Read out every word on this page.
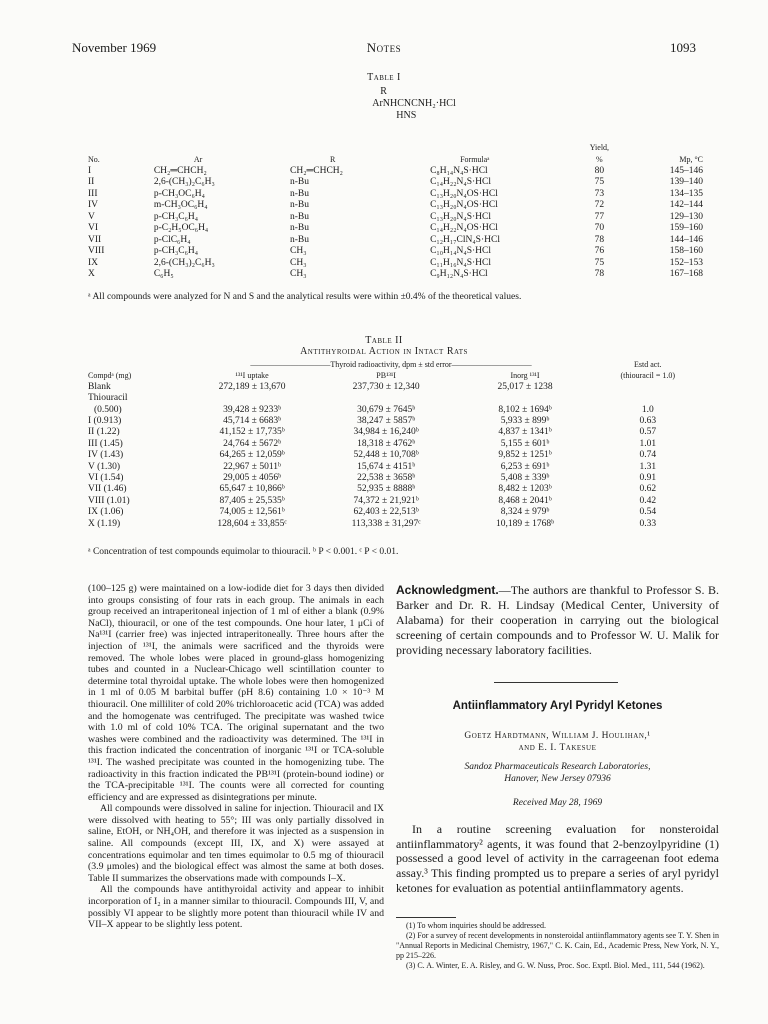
November 1969	Notes	1093
Table I
R
ArNHCNCNH₂·HCl
HNS
				Yield,	
No.	Ar	R	Formulaᵃ	%	Mp, °C
I	CH₂═CHCH₂	CH₂═CHCH₂	C₈H₁₄N₄S·HCl	80	145–146
II	2,6-(CH₃)₂C₆H₃	n-Bu	C₁₄H₂₂N₄S·HCl	75	139–140
III	p-CH₃OC₆H₄	n-Bu	C₁₃H₂₀N₄OS·HCl	73	134–135
IV	m-CH₃OC₆H₄	n-Bu	C₁₃H₂₀N₄OS·HCl	72	142–144
V	p-CH₃C₆H₄	n-Bu	C₁₃H₂₀N₄S·HCl	77	129–130
VI	p-C₂H₅OC₆H₄	n-Bu	C₁₄H₂₂N₄OS·HCl	70	159–160
VII	p-ClC₆H₄	n-Bu	C₁₂H₁₇ClN₄S·HCl	78	144–146
VIII	p-CH₃C₆H₄	CH₃	C₁₀H₁₄N₄S·HCl	76	158–160
IX	2,6-(CH₃)₂C₆H₃	CH₃	C₁₁H₁₆N₄S·HCl	75	152–153
X	C₆H₅	CH₃	C₉H₁₂N₄S·HCl	78	167–168
ᵃ All compounds were analyzed for N and S and the analytical results were within ±0.4% of the theoretical values.
Table II
Antithyroidal Action in Intact Rats
	——————————Thyroid radioactivity, dpm ± std error——————————			Estd act.
Compdᵃ (mg)	¹³¹I uptake	PB¹³¹I	Inorg ¹³¹I	(thiouracil = 1.0)
Blank	272,189 ± 13,670	237,730 ± 12,340	25,017 ± 1238	
Thiouracil				
(0.500)	39,428 ± 9233ᵇ	30,679 ± 7645ᵇ	8,102 ± 1694ᵇ	1.0
I (0.913)	45,714 ± 6683ᵇ	38,247 ± 5857ᵇ	5,933 ± 899ᵇ	0.63
II (1.22)	41,152 ± 17,735ᵇ	34,984 ± 16,240ᵇ	4,837 ± 1341ᵇ	0.57
III (1.45)	24,764 ± 5672ᵇ	18,318 ± 4762ᵇ	5,155 ± 601ᵇ	1.01
IV (1.43)	64,265 ± 12,059ᵇ	52,448 ± 10,708ᵇ	9,852 ± 1251ᵇ	0.74
V (1.30)	22,967 ± 5011ᵇ	15,674 ± 4151ᵇ	6,253 ± 691ᵇ	1.31
VI (1.54)	29,005 ± 4056ᵇ	22,538 ± 3658ᵇ	5,408 ± 339ᵇ	0.91
VII (1.46)	65,647 ± 10,866ᵇ	52,935 ± 8888ᵇ	8,482 ± 1203ᵇ	0.62
VIII (1.01)	87,405 ± 25,535ᵇ	74,372 ± 21,921ᵇ	8,468 ± 2041ᵇ	0.42
IX (1.06)	74,005 ± 12,561ᵇ	62,403 ± 22,513ᵇ	8,324 ± 979ᵇ	0.54
X (1.19)	128,604 ± 33,855ᶜ	113,338 ± 31,297ᶜ	10,189 ± 1768ᵇ	0.33
ᵃ Concentration of test compounds equimolar to thiouracil. ᵇ P < 0.001. ᶜ P < 0.01.

(100–125 g) were maintained on a low-iodide diet for 3 days then divided into groups consisting of four rats in each group. The animals in each group received an intraperitoneal injection of 1 ml of either a blank (0.9% NaCl), thiouracil, or one of the test compounds. One hour later, 1 μCi of Na¹³¹I (carrier free) was injected intraperitoneally. Three hours after the injection of ¹³¹I, the animals were sacrificed and the thyroids were removed. The whole lobes were placed in ground-glass homogenizing tubes and counted in a Nuclear-Chicago well scintillation counter to determine total thyroidal uptake. The whole lobes were then homogenized in 1 ml of 0.05 M barbital buffer (pH 8.6) containing 1.0 × 10⁻³ M thiouracil. One milliliter of cold 20% trichloroacetic acid (TCA) was added and the homogenate was centrifuged. The precipitate was washed twice with 1.0 ml of cold 10% TCA. The original supernatant and the two washes were combined and the radioactivity was determined. The ¹³¹I in this fraction indicated the concentration of inorganic ¹³¹I or TCA-soluble ¹³¹I. The washed precipitate was counted in the homogenizing tube. The radioactivity in this fraction indicated the PB¹³¹I (protein-bound iodine) or the TCA-precipitable ¹³¹I. The counts were all corrected for counting efficiency and are expressed as disintegrations per minute.

All compounds were dissolved in saline for injection. Thiouracil and IX were dissolved with heating to 55°; III was only partially dissolved in saline, EtOH, or NH₄OH, and therefore it was injected as a suspension in saline. All compounds (except III, IX, and X) were assayed at concentrations equimolar and ten times equimolar to 0.5 mg of thiouracil (3.9 μmoles) and the biological effect was almost the same at both doses. Table II summarizes the observations made with compounds I–X.

All the compounds have antithyroidal activity and appear to inhibit incorporation of I₂ in a manner similar to thiouracil. Compounds III, V, and possibly VI appear to be slightly more potent than thiouracil while IV and VII–X appear to be slightly less potent.

Acknowledgment.—The authors are thankful to Professor S. B. Barker and Dr. R. H. Lindsay (Medical Center, University of Alabama) for their cooperation in carrying out the biological screening of certain compounds and to Professor W. U. Malik for providing necessary laboratory facilities.
Antiinflammatory Aryl Pyridyl Ketones
Goetz Hardtmann, William J. Houlihan,¹
and E. I. Takesue
Sandoz Pharmaceuticals Research Laboratories,
Hanover, New Jersey 07936
Received May 28, 1969

In a routine screening evaluation for nonsteroidal antiinflammatory² agents, it was found that 2-benzoylpyridine (1) possessed a good level of activity in the carrageenan foot edema assay.³ This finding prompted us to prepare a series of aryl pyridyl ketones for evaluation as potential antiinflammatory agents.

(1) To whom inquiries should be addressed.

(2) For a survey of recent developments in nonsteroidal antiinflammatory agents see T. Y. Shen in "Annual Reports in Medicinal Chemistry, 1967," C. K. Cain, Ed., Academic Press, New York, N. Y., pp 215–226.

(3) C. A. Winter, E. A. Risley, and G. W. Nuss, Proc. Soc. Exptl. Biol. Med., 111, 544 (1962).
